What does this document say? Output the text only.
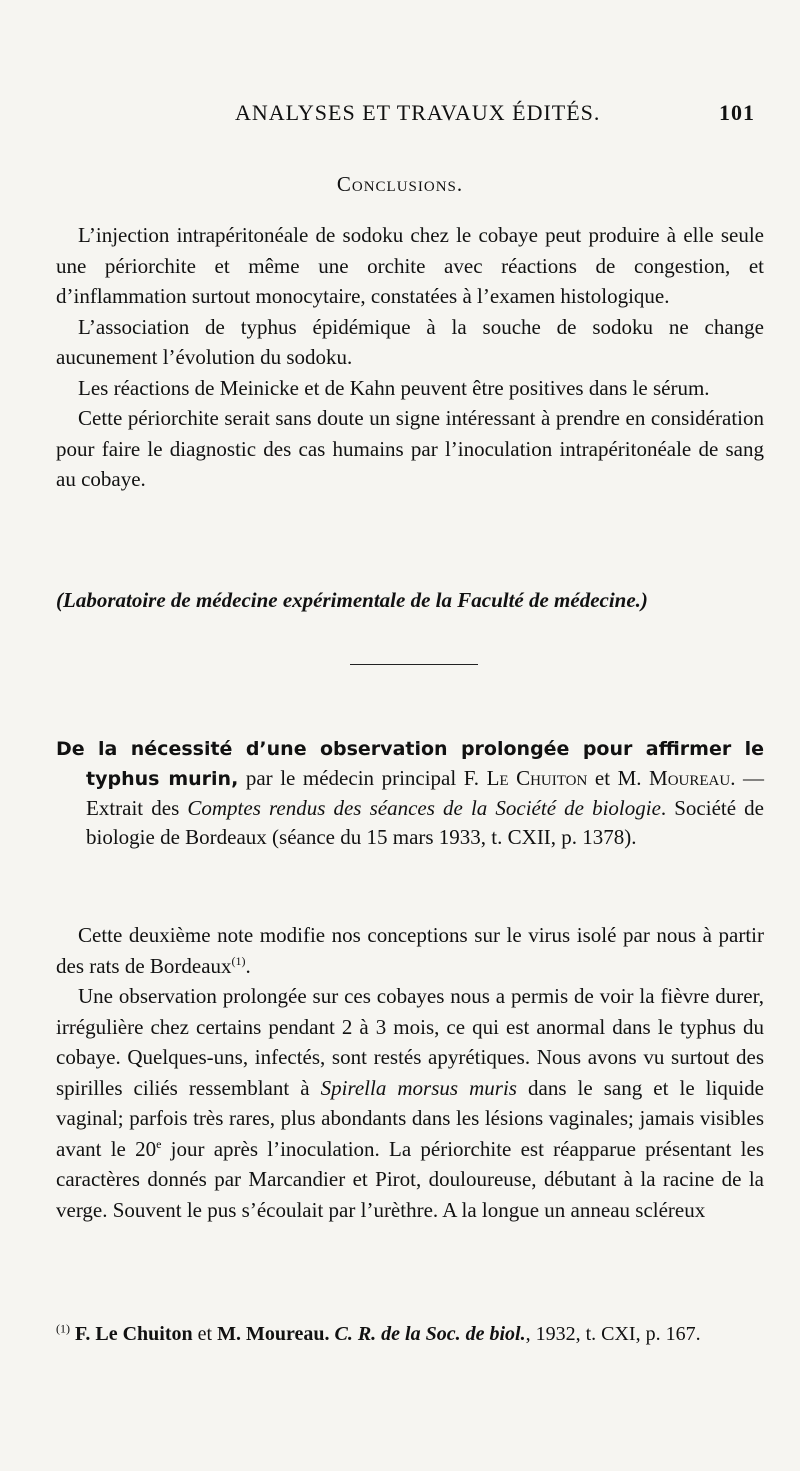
ANALYSES ET TRAVAUX ÉDITÉS.	101
Conclusions.

L’injection intrapéritonéale de sodoku chez le cobaye peut produire à elle seule une périorchite et même une orchite avec réactions de congestion, et d’inflammation surtout monocytaire, constatées à l’examen histologique.

L’association de typhus épidémique à la souche de sodoku ne change aucunement l’évolution du sodoku.

Les réactions de Meinicke et de Kahn peuvent être positives dans le sérum.

Cette périorchite serait sans doute un signe intéressant à prendre en considération pour faire le diagnostic des cas humains par l’inoculation intrapéritonéale de sang au cobaye.

(Laboratoire de médecine expérimentale de la Faculté de médecine.)
De la nécessité d’une observation prolongée pour affirmer le typhus murin, par le médecin principal F. Le Chuiton et M. Moureau. — Extrait des Comptes rendus des séances de la Société de biologie. Société de biologie de Bordeaux (séance du 15 mars 1933, t. CXII, p. 1378).

Cette deuxième note modifie nos conceptions sur le virus isolé par nous à partir des rats de Bordeaux$^{(1)}$.

Une observation prolongée sur ces cobayes nous a permis de voir la fièvre durer, irrégulière chez certains pendant 2 à 3 mois, ce qui est anormal dans le typhus du cobaye. Quelques-uns, infectés, sont restés apyrétiques. Nous avons vu surtout des spirilles ciliés ressemblant à Spirella morsus muris dans le sang et le liquide vaginal; parfois très rares, plus abondants dans les lésions vaginales; jamais visibles avant le 20e jour après l’inoculation. La périorchite est réapparue présentant les caractères donnés par Marcandier et Pirot, douloureuse, débutant à la racine de la verge. Souvent le pus s’écoulait par l’urèthre. A la longue un anneau scléreux

$^{(1)}$ F. Le Chuiton et M. Moureau. C. R. de la Soc. de biol., 1932, t. CXI, p. 167.
